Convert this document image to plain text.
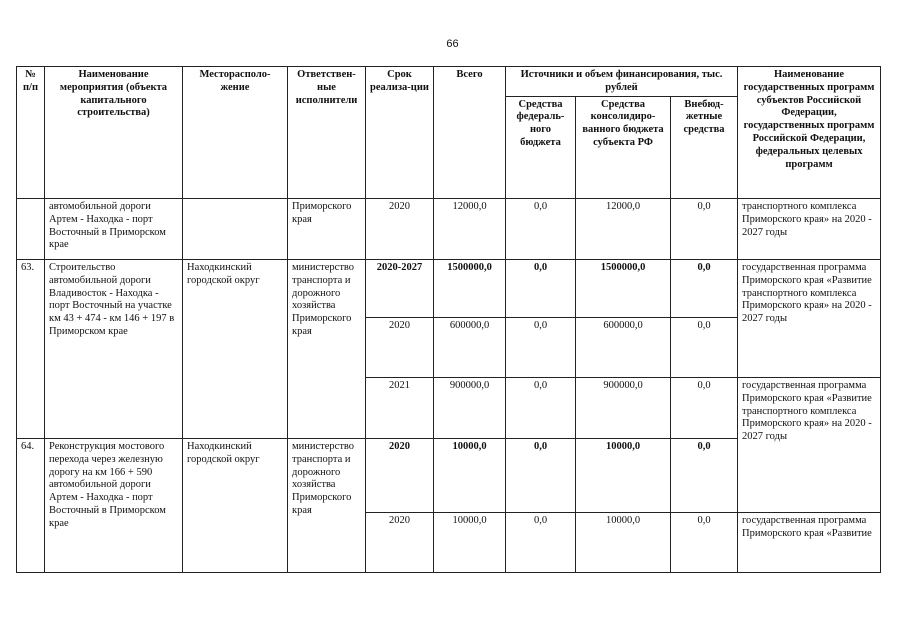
66
№ п/п	Наименование мероприятия (объекта капитального строительства)	Месторасполо-жение	Ответствен-ные исполнители	Срок реализа-ции	Всего	Источники и объем финансирования, тыс. рублей			Наименование государственных программ субъектов Российской Федерации, государственных программ Российской Федерации, федеральных целевых программ
						Средства федераль-ного бюджета	Средства консолидиро-ванного бюджета субъекта РФ	Внебюд-жетные средства	
	автомобильной дороги Артем - Находка - порт Восточный в Приморском крае		Приморского края	2020	12000,0	0,0	12000,0	0,0	транспортного комплекса Приморского края» на 2020 - 2027 годы
63.	Строительство автомобильной дороги Владивосток - Находка - порт Восточный на участке км 43 + 474 - км 146 + 197 в Приморском крае	Находкинский городской округ	министерство транспорта и дорожного хозяйства Приморского края	2020-2027	1500000,0	0,0	1500000,0	0,0	государственная программа Приморского края «Развитие транспортного комплекса Приморского края» на 2020 - 2027 годы
				2020	600000,0	0,0	600000,0	0,0	
				2021	900000,0	0,0	900000,0	0,0	государственная программа Приморского края «Развитие транспортного комплекса Приморского края» на 2020 - 2027 годы
64.	Реконструкция мостового перехода через железную дорогу на км 166 + 590 автомобильной дороги Артем - Находка - порт Восточный в Приморском крае	Находкинский городской округ	министерство транспорта и дорожного хозяйства Приморского края	2020	10000,0	0,0	10000,0	0,0	
				2020	10000,0	0,0	10000,0	0,0	государственная программа Приморского края «Развитие
